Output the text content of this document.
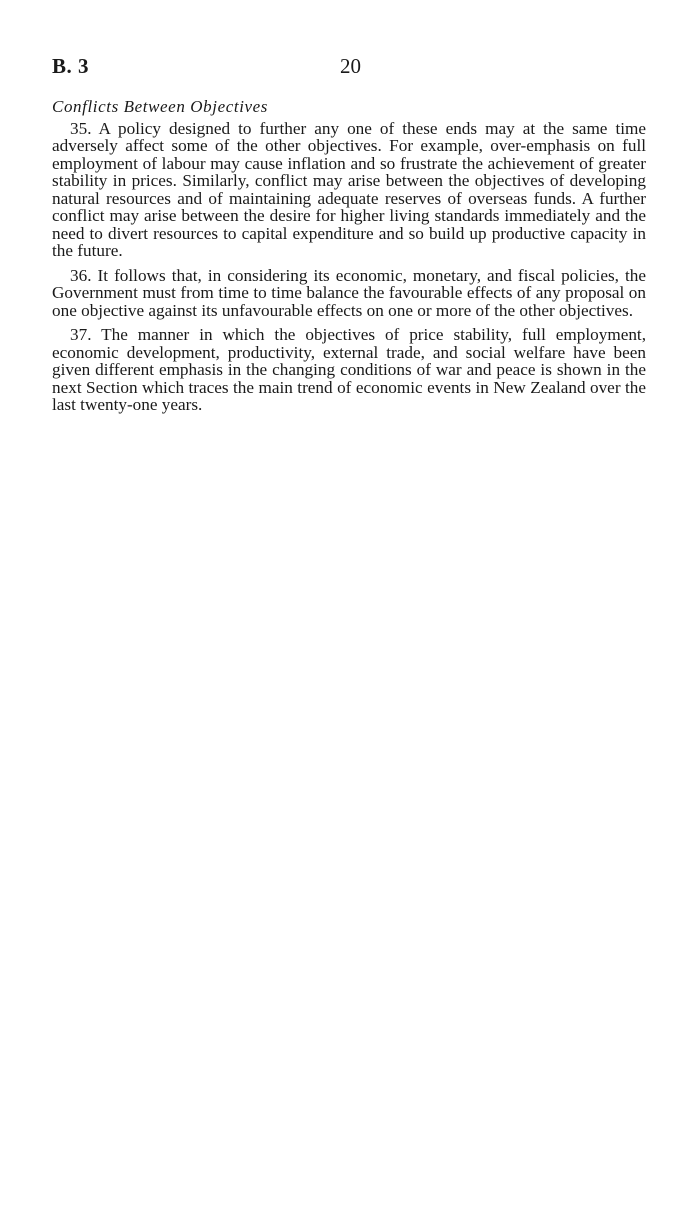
B. 3	20
Conflicts Between Objectives

35. A policy designed to further any one of these ends may at the same time adversely affect some of the other objectives. For example, over-emphasis on full employment of labour may cause inflation and so frustrate the achievement of greater stability in prices. Similarly, conflict may arise between the objectives of developing natural resources and of maintaining adequate reserves of overseas funds. A further conflict may arise between the desire for higher living standards immediately and the need to divert resources to capital expenditure and so build up productive capacity in the future.

36. It follows that, in considering its economic, monetary, and fiscal policies, the Government must from time to time balance the favourable effects of any proposal on one objective against its unfavourable effects on one or more of the other objectives.

37. The manner in which the objectives of price stability, full employment, economic development, productivity, external trade, and social welfare have been given different emphasis in the changing conditions of war and peace is shown in the next Section which traces the main trend of economic events in New Zealand over the last twenty-one years.
